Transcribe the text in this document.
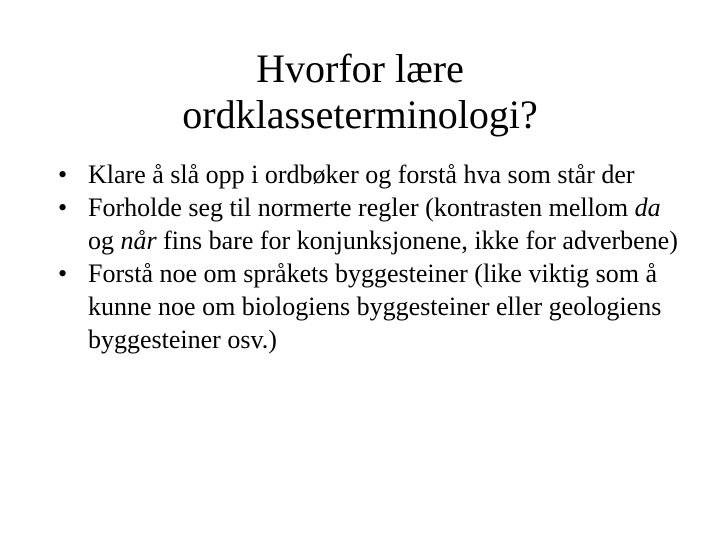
Hvorfor lære
ordklasseterminologi?
• Klare å slå opp i ordbøker og forstå hva som står der
• Forholde seg til normerte regler (kontrasten mellom da og når fins bare for konjunksjonene, ikke for adverbene)
• Forstå noe om språkets byggesteiner (like viktig som å kunne noe om biologiens byggesteiner eller geologiens byggesteiner osv.)
